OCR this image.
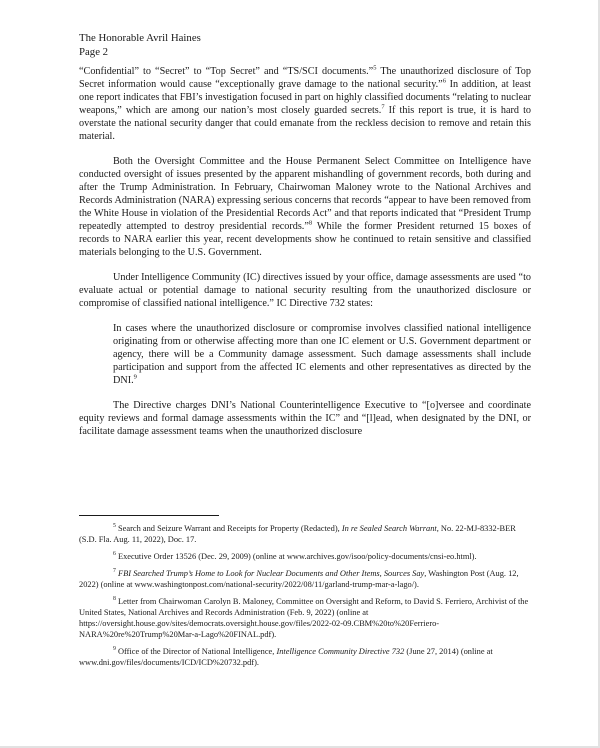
The Honorable Avril Haines

Page 2

“Confidential” to “Secret” to “Top Secret” and “TS/SCI documents.”$^5$ The unauthorized disclosure of Top Secret information would cause “exceptionally grave damage to the national security.”$^6$ In addition, at least one report indicates that FBI’s investigation focused in part on highly classified documents “relating to nuclear weapons,” which are among our nation’s most closely guarded secrets.$^7$ If this report is true, it is hard to overstate the national security danger that could emanate from the reckless decision to remove and retain this material.

Both the Oversight Committee and the House Permanent Select Committee on Intelligence have conducted oversight of issues presented by the apparent mishandling of government records, both during and after the Trump Administration. In February, Chairwoman Maloney wrote to the National Archives and Records Administration (NARA) expressing serious concerns that records “appear to have been removed from the White House in violation of the Presidential Records Act” and that reports indicated that “President Trump repeatedly attempted to destroy presidential records.”$^8$ While the former President returned 15 boxes of records to NARA earlier this year, recent developments show he continued to retain sensitive and classified materials belonging to the U.S. Government.

Under Intelligence Community (IC) directives issued by your office, damage assessments are used “to evaluate actual or potential damage to national security resulting from the unauthorized disclosure or compromise of classified national intelligence.” IC Directive 732 states:

In cases where the unauthorized disclosure or compromise involves classified national intelligence originating from or otherwise affecting more than one IC element or U.S. Government department or agency, there will be a Community damage assessment. Such damage assessments shall include participation and support from the affected IC elements and other representatives as directed by the DNI.$^9$

The Directive charges DNI’s National Counterintelligence Executive to “[o]versee and coordinate equity reviews and formal damage assessments within the IC” and “[l]ead, when designated by the DNI, or facilitate damage assessment teams when the unauthorized disclosure

$^5$ Search and Seizure Warrant and Receipts for Property (Redacted), In re Sealed Search Warrant, No. 22-MJ-8332-BER (S.D. Fla. Aug. 11, 2022), Doc. 17.

$^6$ Executive Order 13526 (Dec. 29, 2009) (online at www.archives.gov/isoo/policy-documents/cnsi-eo.html).

$^7$ FBI Searched Trump’s Home to Look for Nuclear Documents and Other Items, Sources Say, Washington Post (Aug. 12, 2022) (online at www.washingtonpost.com/national-security/2022/08/11/garland-trump-mar-a-lago/).

$^8$ Letter from Chairwoman Carolyn B. Maloney, Committee on Oversight and Reform, to David S. Ferriero, Archivist of the United States, National Archives and Records Administration (Feb. 9, 2022) (online at https://oversight.house.gov/sites/democrats.oversight.house.gov/files/2022-02-09.CBM%20to%20Ferriero-NARA%20re%20Trump%20Mar-a-Lago%20FINAL.pdf).

$^9$ Office of the Director of National Intelligence, Intelligence Community Directive 732 (June 27, 2014) (online at www.dni.gov/files/documents/ICD/ICD%20732.pdf).
